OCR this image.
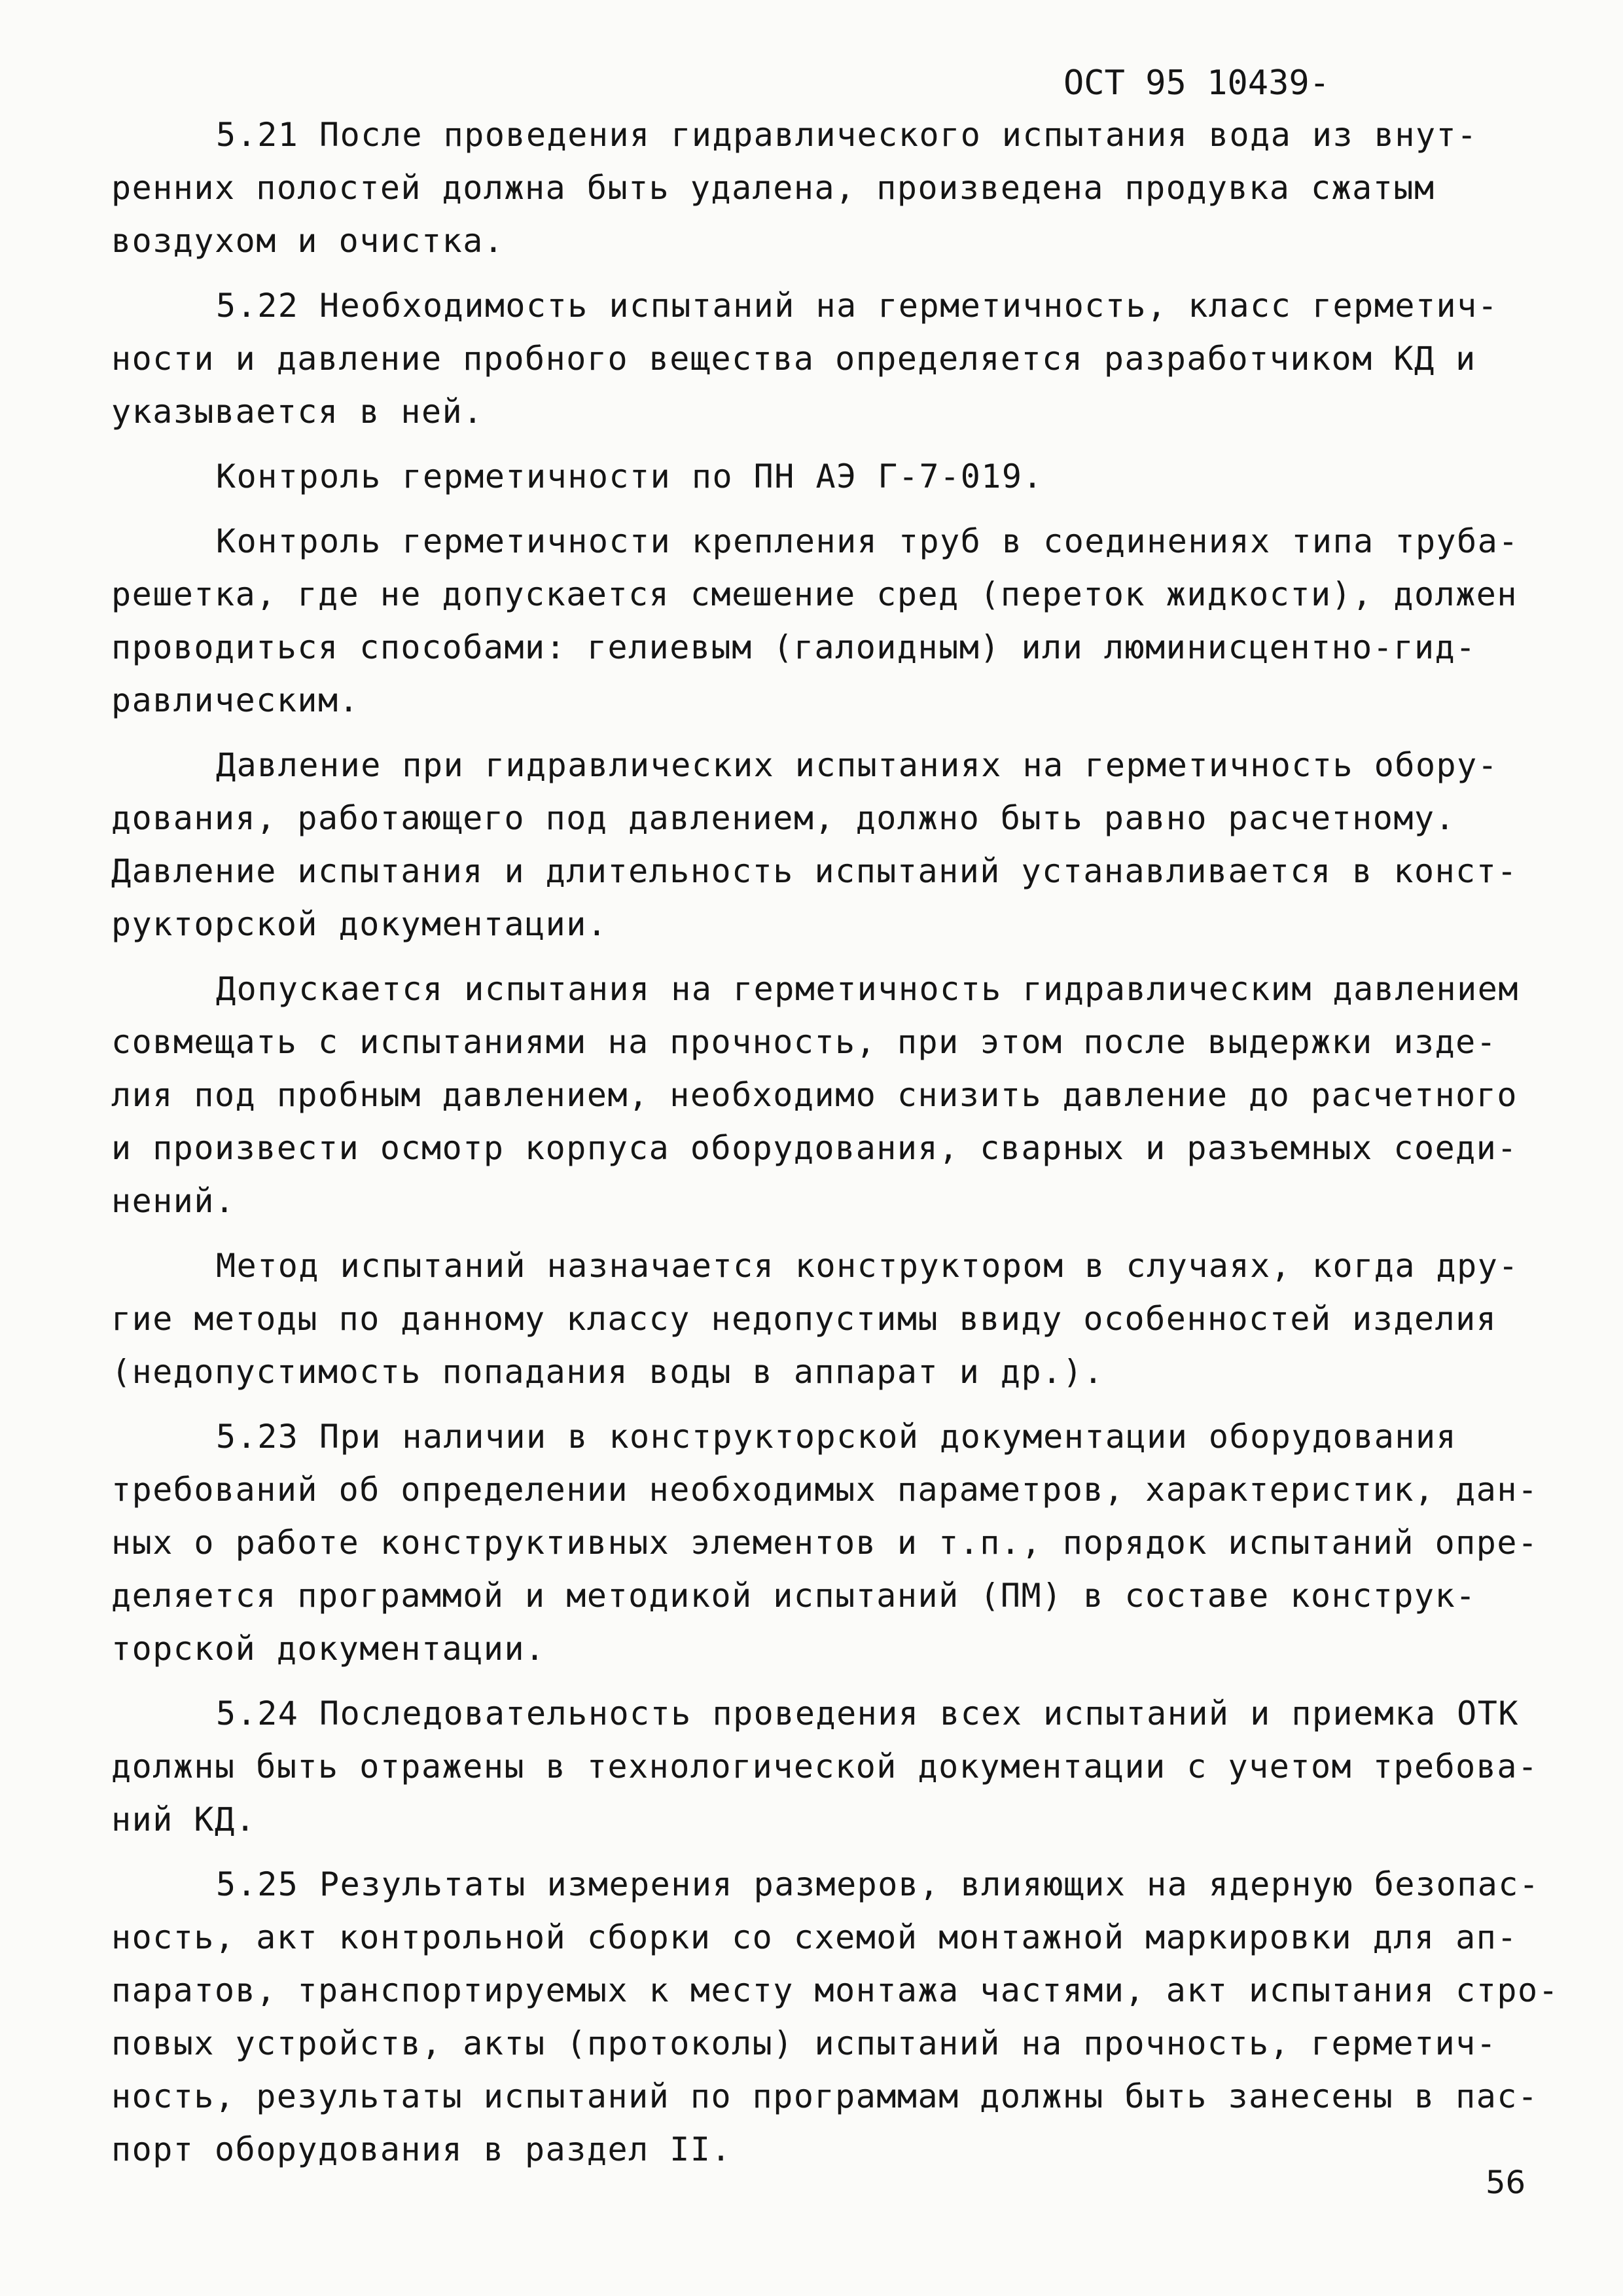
ОСТ 95 10439-
5.21 После проведения гидравлического испытания вода из внут-
ренних полостей должна быть удалена, произведена продувка сжатым
воздухом и очистка.
5.22 Необходимость испытаний на герметичность, класс герметич-
ности и давление пробного вещества определяется разработчиком КД и
указывается в ней.
Контроль герметичности по ПН АЭ Г-7-019.
Контроль герметичности крепления труб в соединениях типа труба-
решетка, где не допускается смешение сред (переток жидкости), должен
проводиться способами: гелиевым (галоидным) или люминисцентно-гид-
равлическим.
Давление при гидравлических испытаниях на герметичность обору-
дования, работающего под давлением, должно быть равно расчетному.
Давление испытания и длительность испытаний устанавливается в конст-
рукторской документации.
Допускается испытания на герметичность гидравлическим давлением
совмещать с испытаниями на прочность, при этом после выдержки изде-
лия под пробным давлением, необходимо снизить давление до расчетного
и произвести осмотр корпуса оборудования, сварных и разъемных соеди-
нений.
Метод испытаний назначается конструктором в случаях, когда дру-
гие методы по данному классу недопустимы ввиду особенностей изделия
(недопустимость попадания воды в аппарат и др.).
5.23 При наличии в конструкторской документации оборудования
требований об определении необходимых параметров, характеристик, дан-
ных о работе конструктивных элементов и т.п., порядок испытаний опре-
деляется программой и методикой испытаний (ПМ) в составе конструк-
торской документации.
5.24 Последовательность проведения всех испытаний и приемка ОТК
должны быть отражены в технологической документации с учетом требова-
ний КД.
5.25 Результаты измерения размеров, влияющих на ядерную безопас-
ность, акт контрольной сборки со схемой монтажной маркировки для ап-
паратов, транспортируемых к месту монтажа частями, акт испытания стро-
повых устройств, акты (протоколы) испытаний на прочность, герметич-
ность, результаты испытаний по программам должны быть занесены в пас-
порт оборудования в раздел II.
56
